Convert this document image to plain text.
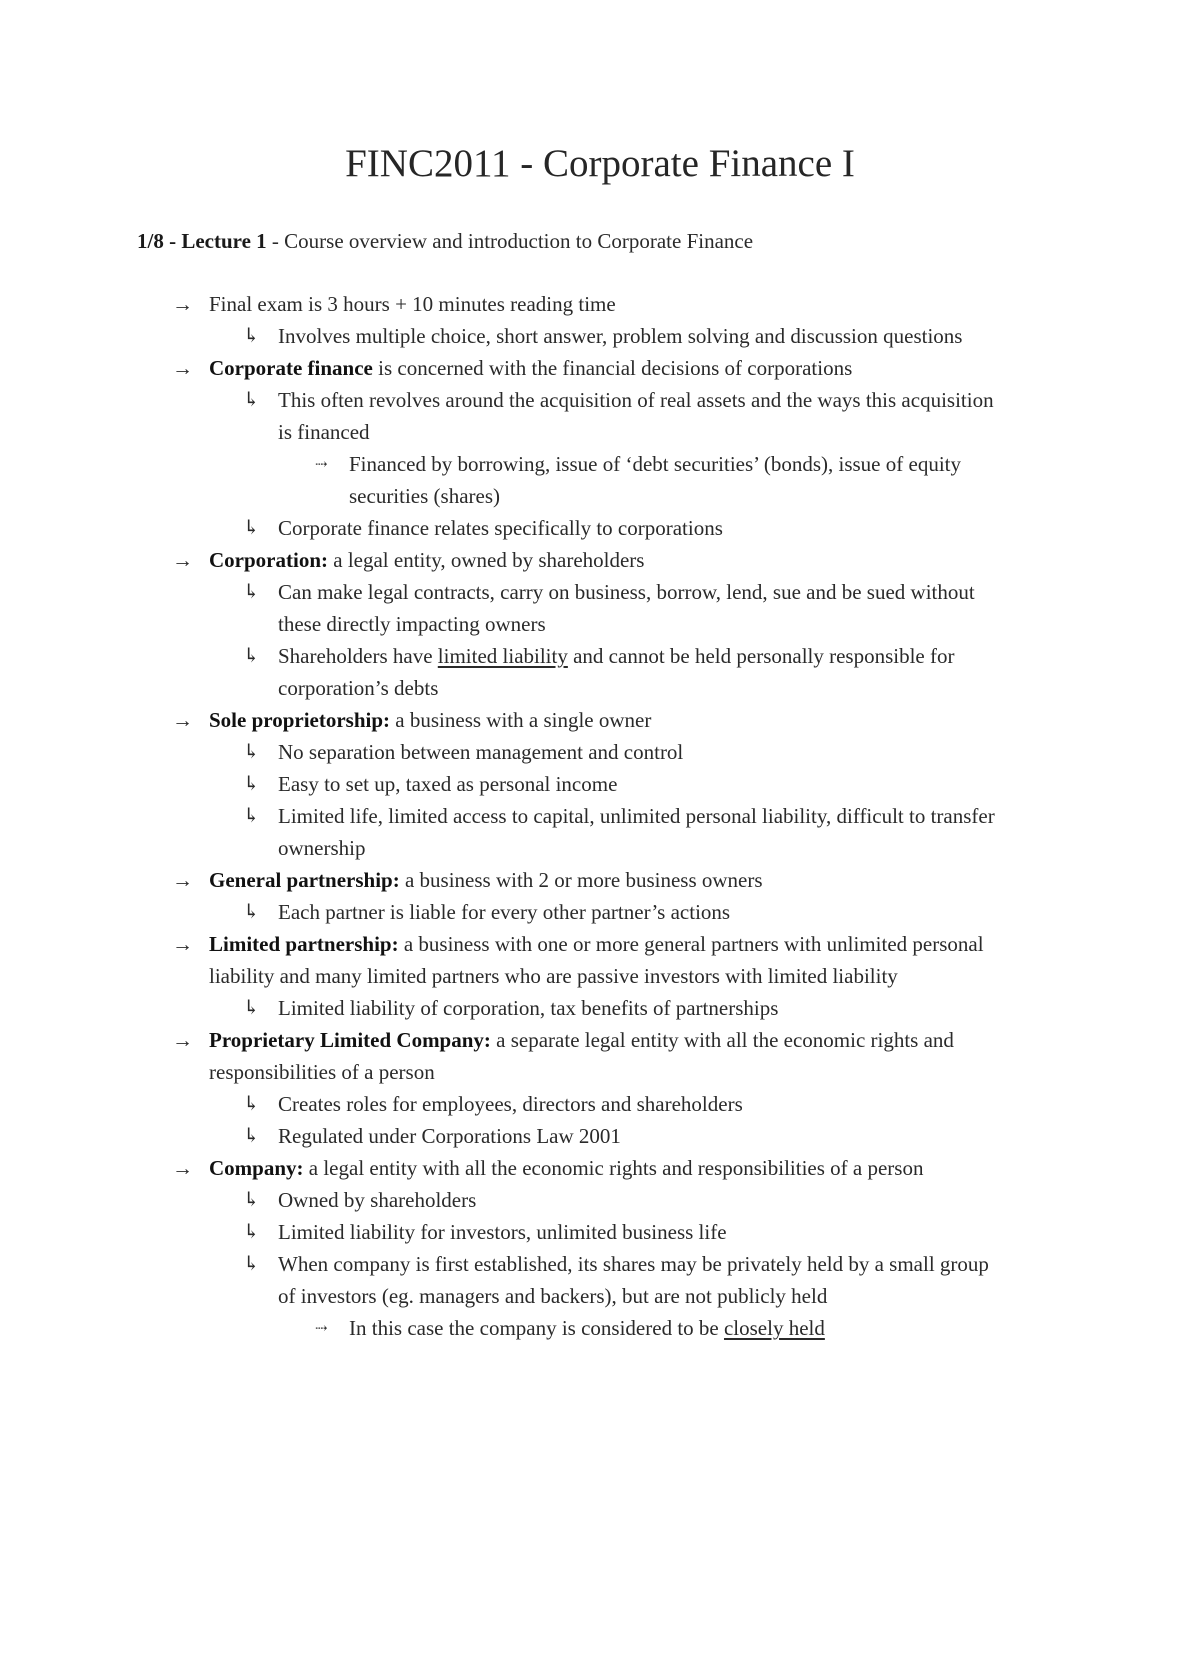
FINC2011 - Corporate Finance I
1/8 - Lecture 1 - Course overview and introduction to Corporate Finance
→ Final exam is 3 hours + 10 minutes reading time
↳ Involves multiple choice, short answer, problem solving and discussion questions
→ Corporate finance is concerned with the financial decisions of corporations
↳ This often revolves around the acquisition of real assets and the ways this acquisition
is financed
⇢	Financed by borrowing, issue of ‘debt securities’ (bonds), issue of equity
securities (shares)
↳ Corporate finance relates specifically to corporations
→ Corporation: a legal entity, owned by shareholders
↳ Can make legal contracts, carry on business, borrow, lend, sue and be sued without
these directly impacting owners
↳ Shareholders have limited liability and cannot be held personally responsible for
corporation’s debts
→ Sole proprietorship: a business with a single owner
↳ No separation between management and control
↳ Easy to set up, taxed as personal income
↳ Limited life, limited access to capital, unlimited personal liability, difficult to transfer
ownership
→ General partnership: a business with 2 or more business owners
↳ Each partner is liable for every other partner’s actions
→ Limited partnership: a business with one or more general partners with unlimited personal
liability and many limited partners who are passive investors with limited liability
↳ Limited liability of corporation, tax benefits of partnerships
→ Proprietary Limited Company: a separate legal entity with all the economic rights and
responsibilities of a person
↳ Creates roles for employees, directors and shareholders
↳ Regulated under Corporations Law 2001
→ Company: a legal entity with all the economic rights and responsibilities of a person
↳ Owned by shareholders
↳ Limited liability for investors, unlimited business life
↳ When company is first established, its shares may be privately held by a small group
of investors (eg. managers and backers), but are not publicly held
⇢	In this case the company is considered to be closely held
